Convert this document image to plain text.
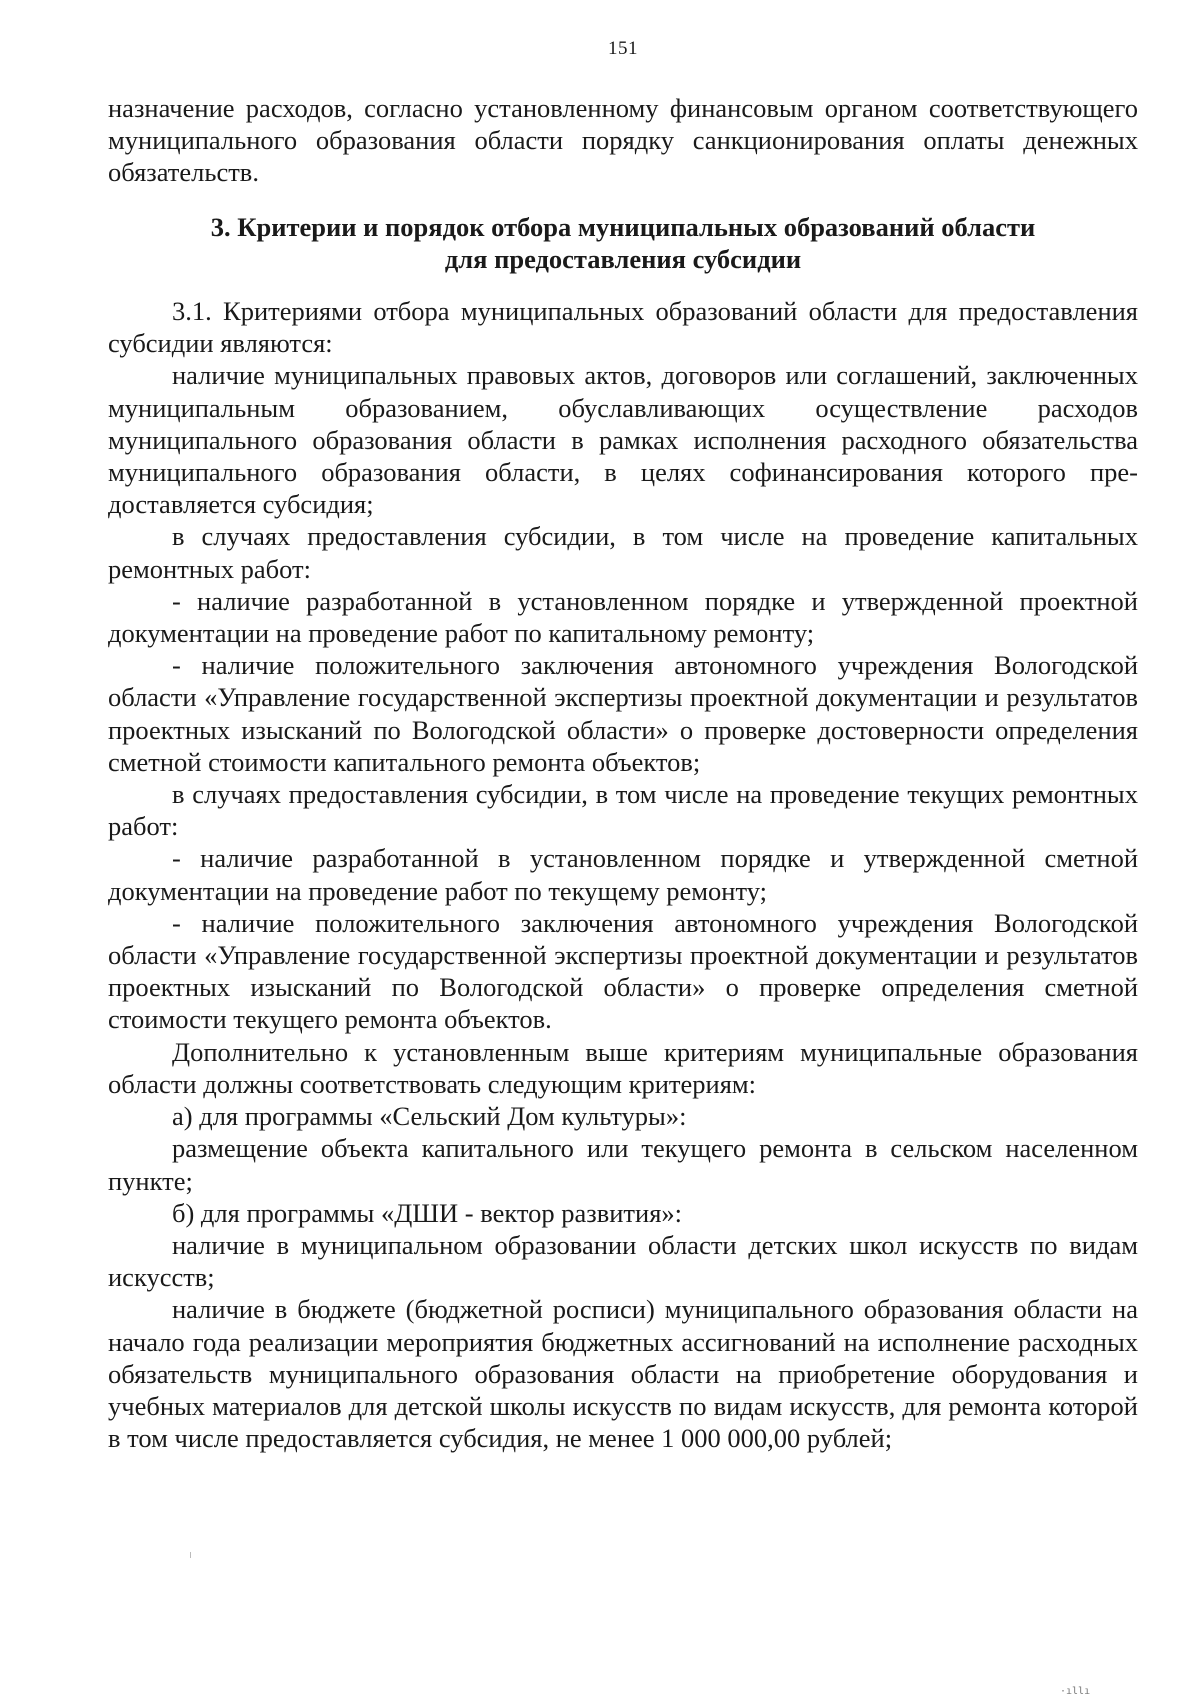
151

назначение расходов, согласно установленному финансовым органом соответствующего муниципального образования области порядку санкционирования оплаты денежных обязательств.

3. Критерии и порядок отбора муниципальных образований области
для предоставления субсидии

3.1. Критериями отбора муниципальных образований области для предоставления субсидии являются:

наличие муниципальных правовых актов, договоров или соглашений, заключенных муниципальным образованием, обуславливающих осуществление расходов муниципального образования области в рамках исполнения расходного обязательства муниципального образования области, в целях софинансирования которого предоставляется субсидия;

в случаях предоставления субсидии, в том числе на проведение капитальных ремонтных работ:

- наличие разработанной в установленном порядке и утвержденной проектной документации на проведение работ по капитальному ремонту;

- наличие положительного заключения автономного учреждения Вологодской области «Управление государственной экспертизы проектной документации и результатов проектных изысканий по Вологодской области» о проверке достоверности определения сметной стоимости капитального ремонта объектов;

в случаях предоставления субсидии, в том числе на проведение текущих ремонтных работ:

- наличие разработанной в установленном порядке и утвержденной сметной документации на проведение работ по текущему ремонту;

- наличие положительного заключения автономного учреждения Вологодской области «Управление государственной экспертизы проектной документации и результатов проектных изысканий по Вологодской области» о проверке определения сметной стоимости текущего ремонта объектов.

Дополнительно к установленным выше критериям муниципальные образования области должны соответствовать следующим критериям:

а) для программы «Сельский Дом культуры»:

размещение объекта капитального или текущего ремонта в сельском населенном пункте;

б) для программы «ДШИ - вектор развития»:

наличие в муниципальном образовании области детских школ искусств по видам искусств;

наличие в бюджете (бюджетной росписи) муниципального образования области на начало года реализации мероприятия бюджетных ассигнований на исполнение расходных обязательств муниципального образования области на приобретение оборудования и учебных материалов для детской школы искусств по видам искусств, для ремонта которой в том числе предоставляется субсидия, не менее 1 000 000,00 рублей;

·ıllı
